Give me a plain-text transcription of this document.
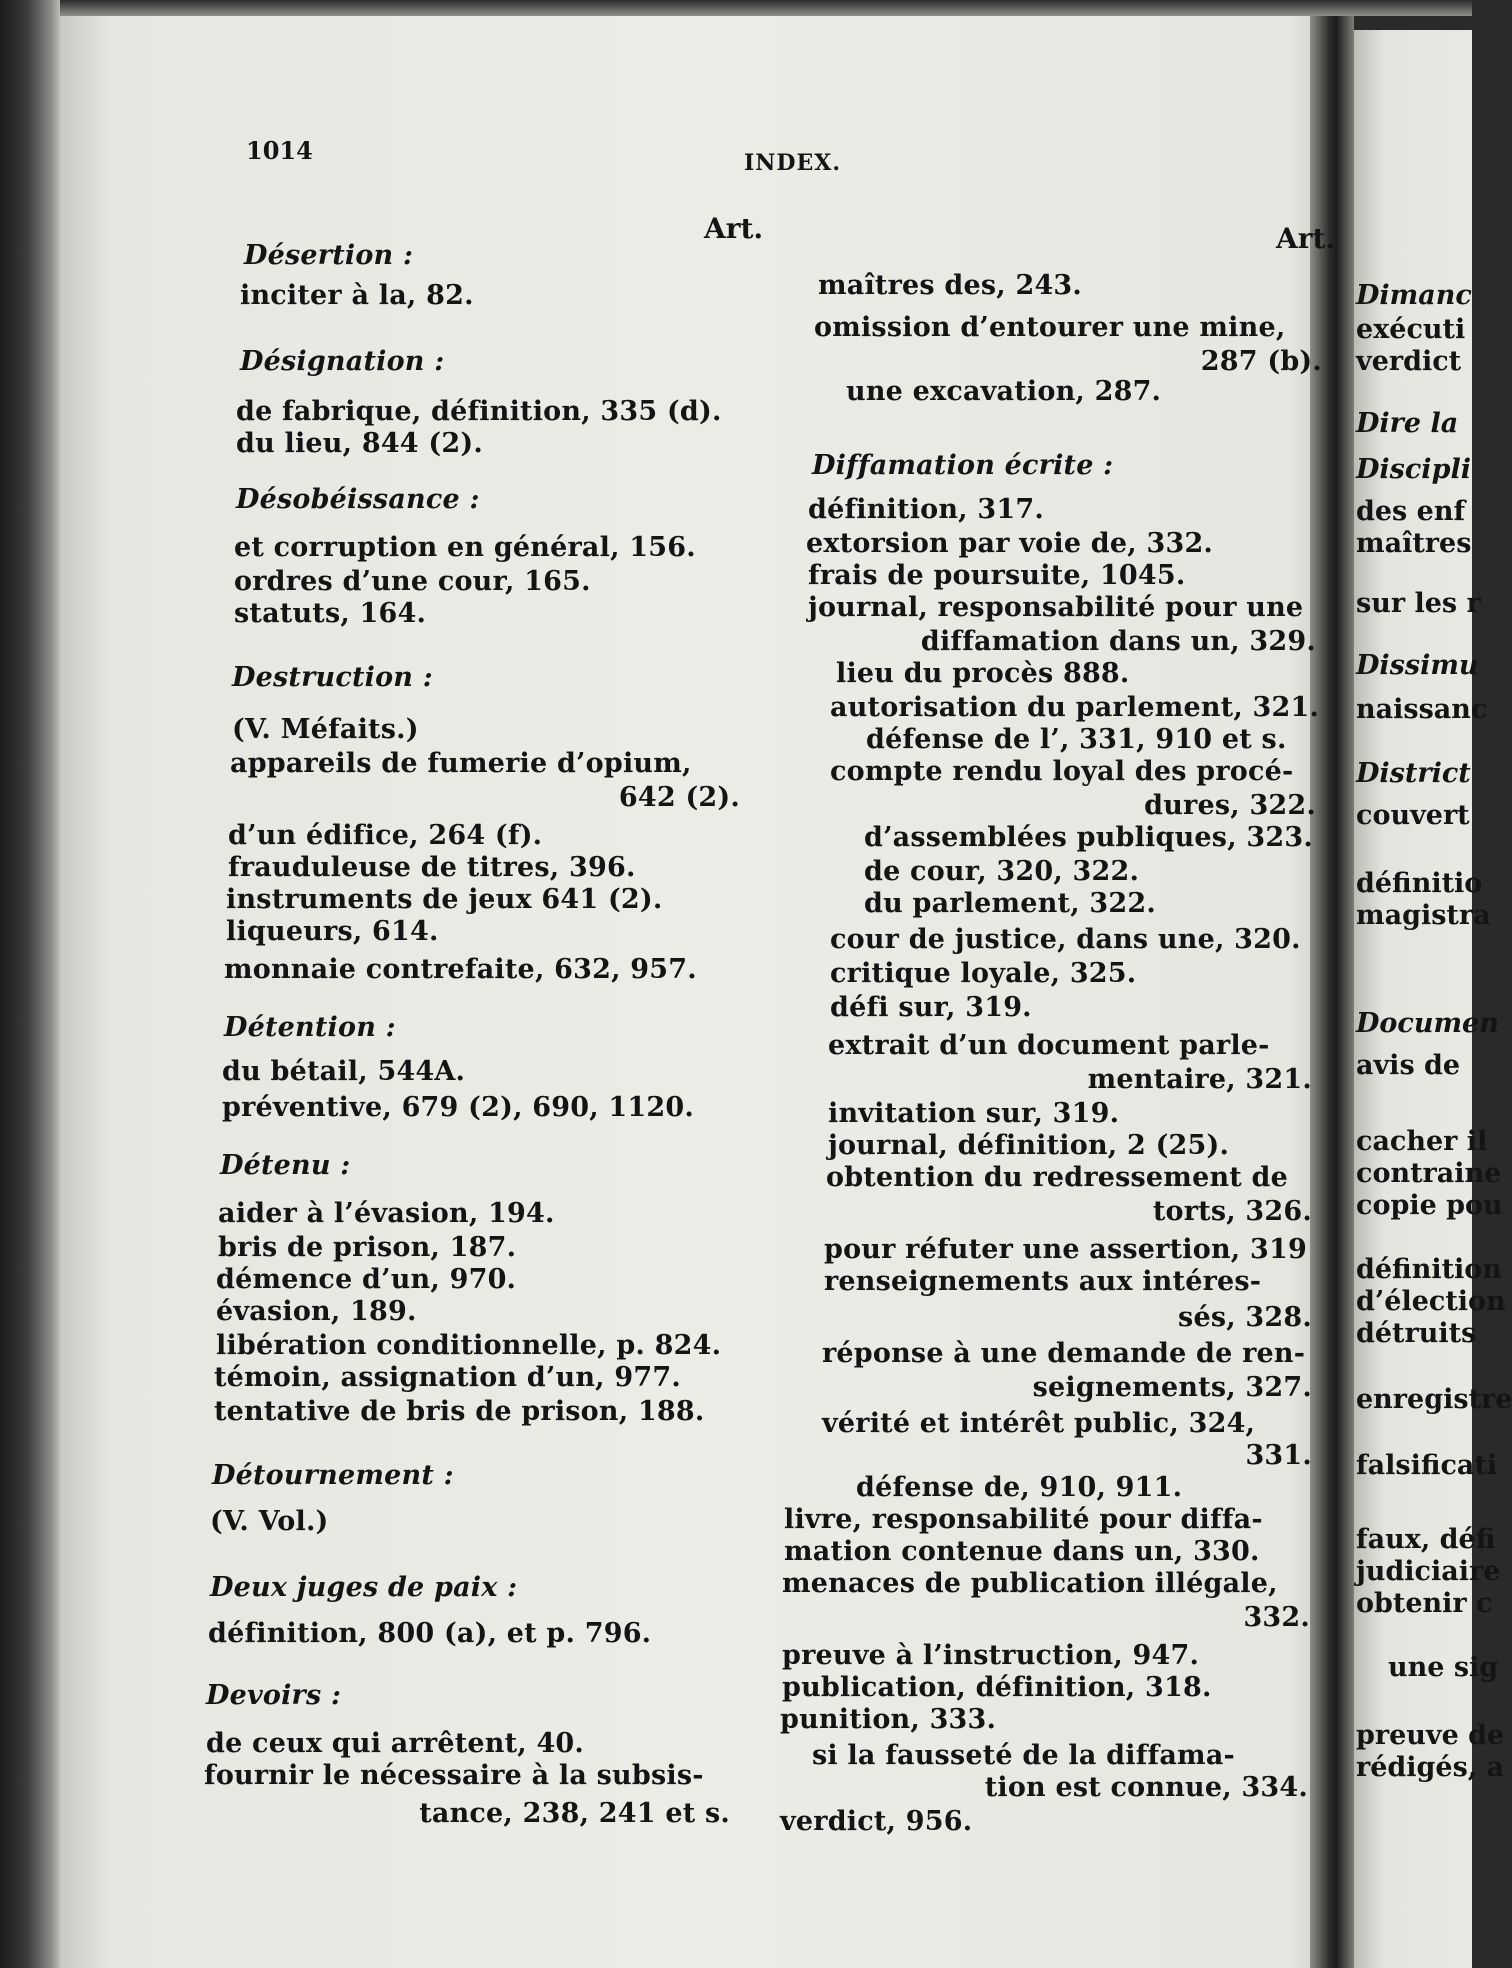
1014	INDEX.
Art.	Art.
Désertion :
inciter à la, 82.
Désignation :
de fabrique, définition, 335 (d).
du lieu, 844 (2).
Désobéissance :
et corruption en général, 156.
ordres d’une cour, 165.
statuts, 164.
Destruction :
(V. Méfaits.)
appareils de fumerie d’opium,
642 (2).
d’un édifice, 264 (f).
frauduleuse de titres, 396.
instruments de jeux 641 (2).
liqueurs, 614.
monnaie contrefaite, 632, 957.
Détention :
du bétail, 544A.
préventive, 679 (2), 690, 1120.
Détenu :
aider à l’évasion, 194.
bris de prison, 187.
démence d’un, 970.
évasion, 189.
libération conditionnelle, p. 824.
témoin, assignation d’un, 977.
tentative de bris de prison, 188.
Détournement :
(V. Vol.)
Deux juges de paix :
définition, 800 (a), et p. 796.
Devoirs :
de ceux qui arrêtent, 40.
fournir le nécessaire à la subsis-
tance, 238, 241 et s.
maîtres des, 243.
omission d’entourer une mine,
287 (b).
une excavation, 287.
Diffamation écrite :
définition, 317.
extorsion par voie de, 332.
frais de poursuite, 1045.
journal, responsabilité pour une
diffamation dans un, 329.
lieu du procès 888.
autorisation du parlement, 321.
défense de l’, 331, 910 et s.
compte rendu loyal des procé-
dures, 322.
d’assemblées publiques, 323.
de cour, 320, 322.
du parlement, 322.
cour de justice, dans une, 320.
critique loyale, 325.
défi sur, 319.
extrait d’un document parle-
mentaire, 321.
invitation sur, 319.
journal, définition, 2 (25).
obtention du redressement de
torts, 326.
pour réfuter une assertion, 319
renseignements aux intéres-
sés, 328.
réponse à une demande de ren-
seignements, 327.
vérité et intérêt public, 324,
331.
défense de, 910, 911.
livre, responsabilité pour diffa-
mation contenue dans un, 330.
menaces de publication illégale,
332.
preuve à l’instruction, 947.
publication, définition, 318.
punition, 333.
si la fausseté de la diffama-
tion est connue, 334.
verdict, 956.
Dimanc
exécuti
verdict
Dire la
Discipli
des enf
maîtres
sur les r
Dissimu
naissanc
District
couvert
définitio
magistra
Documen
avis de
cacher il
contraine
copie pou
définition
d’élection
détruits
enregistre
falsificati
faux, défi
judiciaire
obtenir c
une sig
preuve de
rédigés, a
